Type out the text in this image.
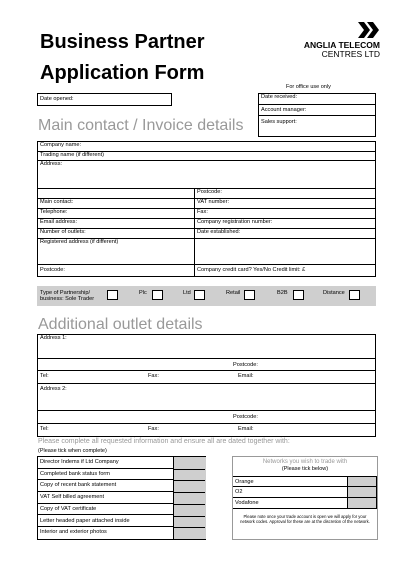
Business Partner
Application Form
ANGLIA TELECOM
CENTRES LTD
For office use only
Date received:
Account manager:
Sales support:
Date opened:
Main contact / Invoice details
Company name:
Trading name (if different)
Address:
Postcode:
Main contact:	VAT number:
Telephone:	Fax:
Email address:	Company registration number:
Number of outlets:	Date established:
Registered address (if different)
Postcode:	Company credit card? Yes/No Credit limit: £
Type of Partnership/
business: Sole Trader
Plc	Ltd	Retail	B2B	Distance
Additional outlet details
Address 1:
Postcode:
Tel:	Fax:	Email:
Address 2:
Postcode:
Tel:	Fax:	Email:
Please complete all requested information and ensure all are dated together with:
(Please tick when complete)
Director Indems if Ltd Company
Completed bank status form
Copy of recent bank statement
VAT Self billed agreement
Copy of VAT certificate
Letter headed paper attached inside
Interior and exterior photos
Networks you wish to trade with
(Please tick below)
Orange
O2
Vodafone
Please note once your trade account is open we will apply for your network codes. Approval for these are at the discretion of the network.
